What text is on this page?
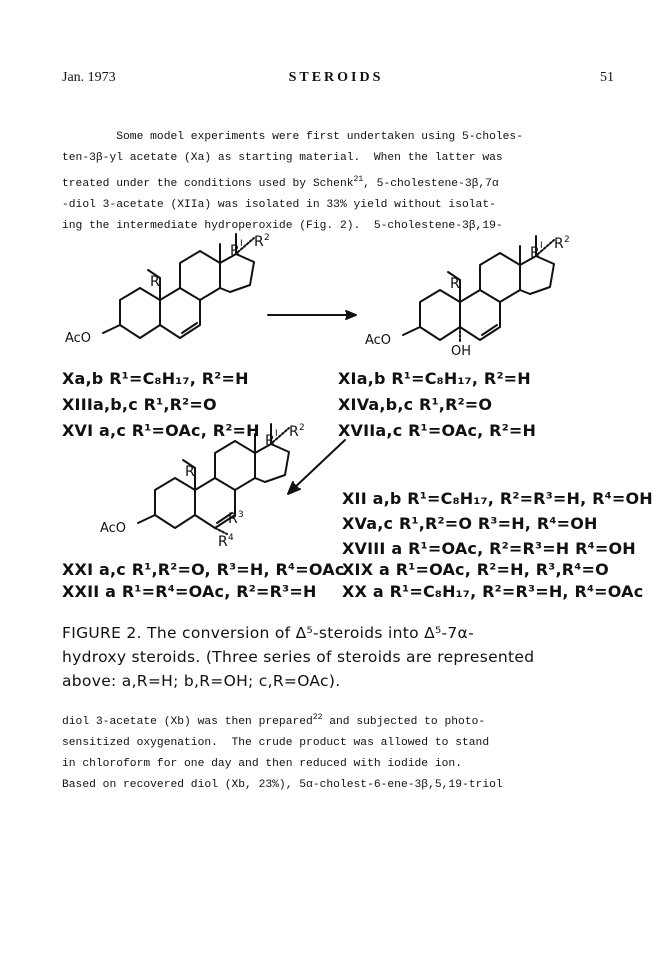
Jan. 1973	STEROIDS	51
Some model experiments were first undertaken using 5-choles-
ten-3β-yl acetate (Xa) as starting material.  When the latter was
treated under the conditions used by Schenk$^{21}$, 5-cholestene-3β,7α
-diol 3-acetate (XIIa) was isolated in 33% yield without isolat-
ing the intermediate hydroperoxide (Fig. 2).  5-cholestene-3β,19-
R
AcO
R I R 2
R
AcO
OH
R I R 2
R
AcO
R I R 2
R 3
R 4
Xa,b R¹=C₈H₁₇, R²=H
XIIIa,b,c R¹,R²=O
XVI a,c R¹=OAc, R²=H
XIa,b R¹=C₈H₁₇, R²=H
XIVa,b,c R¹,R²=O
XVIIa,c R¹=OAc, R²=H
XII a,b R¹=C₈H₁₇, R²=R³=H, R⁴=OH
XVa,c R¹,R²=O R³=H, R⁴=OH
XVIII a R¹=OAc, R²=R³=H R⁴=OH
XIX a R¹=OAc, R²=H, R³,R⁴=O
XX a R¹=C₈H₁₇, R²=R³=H, R⁴=OAc
XXI a,c R¹,R²=O, R³=H, R⁴=OAc
XXII a R¹=R⁴=OAc, R²=R³=H
FIGURE 2. The conversion of Δ⁵-steroids into Δ⁵-7α-
hydroxy steroids. (Three series of steroids are represented
above: a,R=H; b,R=OH; c,R=OAc).
diol 3-acetate (Xb) was then prepared$^{22}$ and subjected to photo-
sensitized oxygenation.  The crude product was allowed to stand
in chloroform for one day and then reduced with iodide ion.
Based on recovered diol (Xb, 23%), 5α-cholest-6-ene-3β,5,19-triol
